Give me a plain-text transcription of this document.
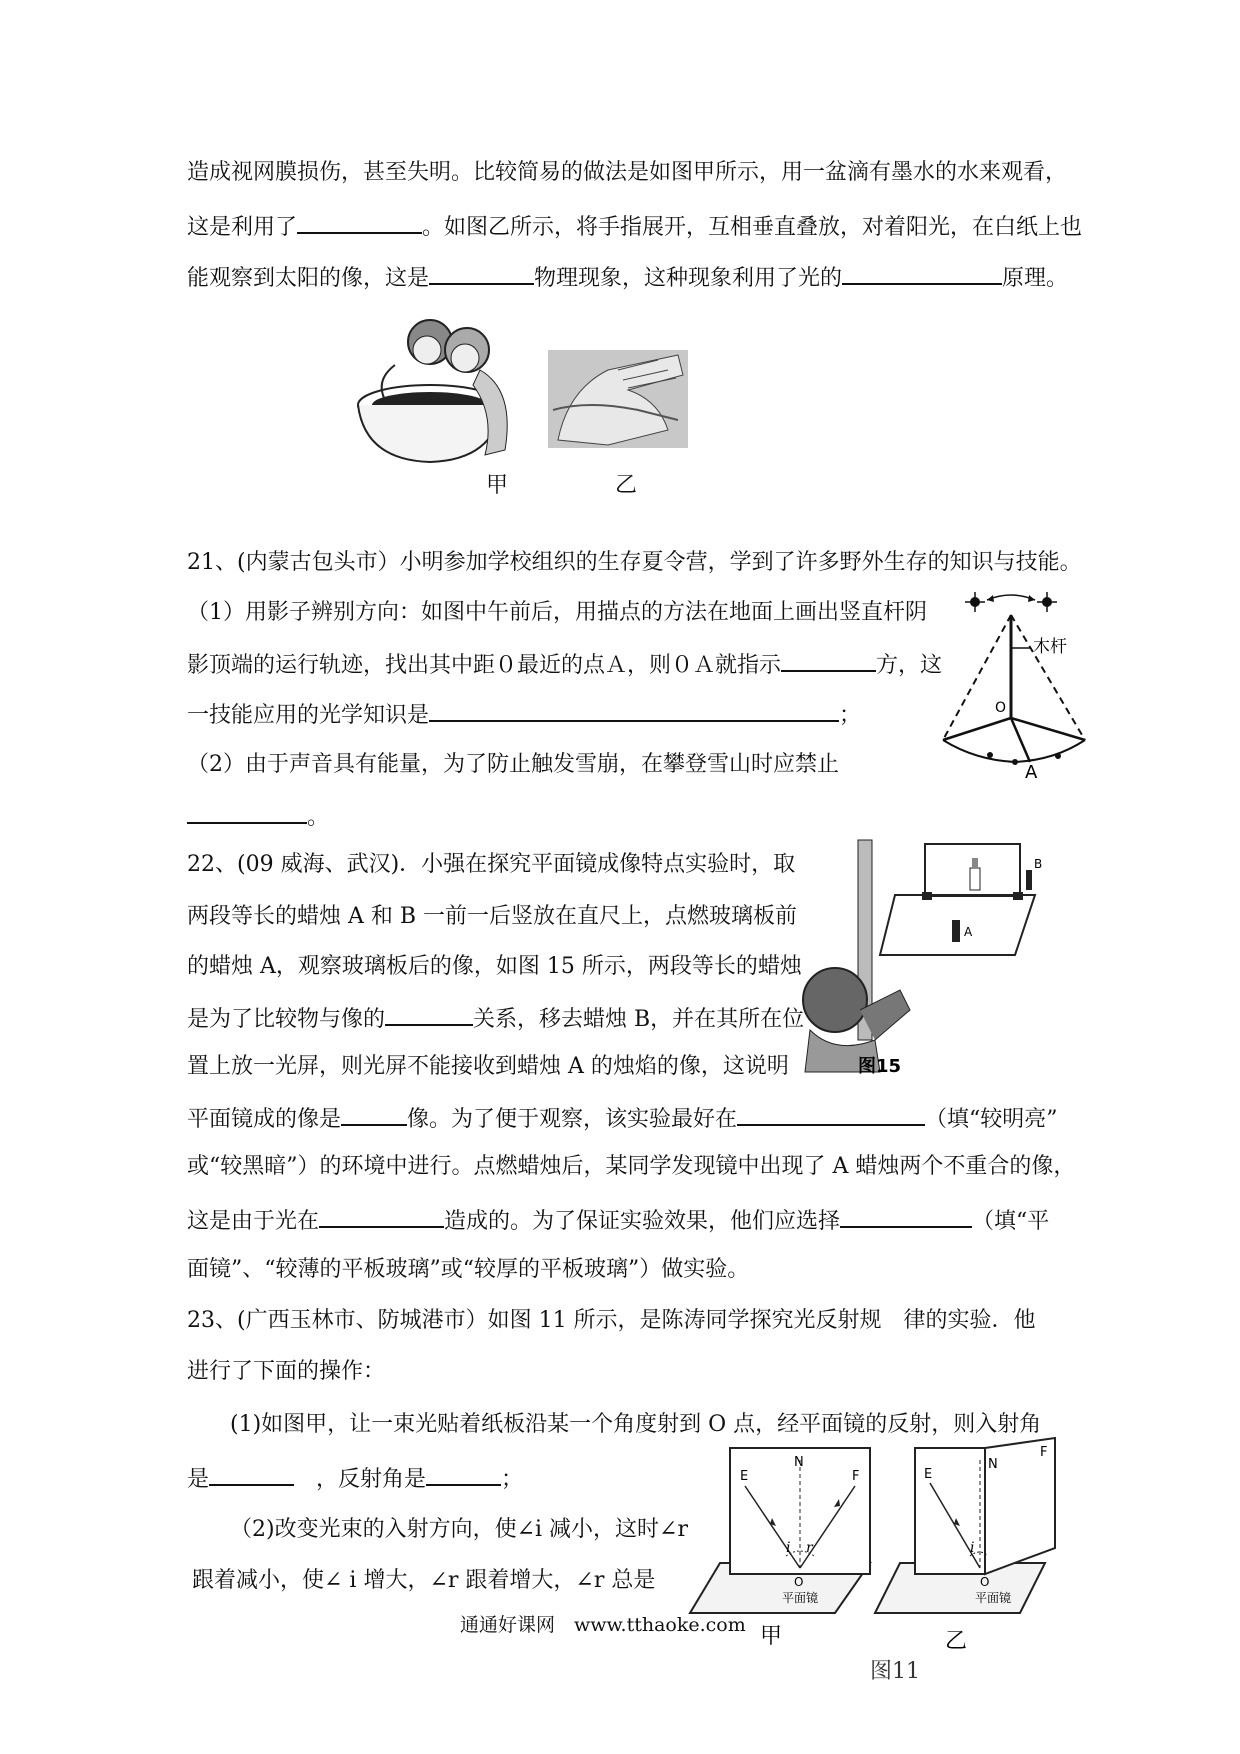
造成视网膜损伤，甚至失明。比较简易的做法是如图甲所示，用一盆滴有墨水的水来观看，
这是利用了	。如图乙所示，将手指展开，互相垂直叠放，对着阳光，在白纸上也
能观察到太阳的像，这是	物理现象，这种现象利用了光的	原理。
甲	乙
21、(内蒙古包头市）小明参加学校组织的生存夏令营，学到了许多野外生存的知识与技能。
（1）用影子辨别方向：如图中午前后，用描点的方法在地面上画出竖直杆阴
影顶端的运行轨迹，找出其中距０最近的点Ａ，则０Ａ就指示	方，这
一技能应用的光学知识是	；
（2）由于声音具有能量，为了防止触发雪崩，在攀登雪山时应禁止
。
木杆
O
A
22、(09 威海、武汉)．小强在探究平面镜成像特点实验时，取
两段等长的蜡烛 A 和 B 一前一后竖放在直尺上，点燃玻璃板前
的蜡烛 A，观察玻璃板后的像，如图 15 所示，两段等长的蜡烛
是为了比较物与像的	关系，移去蜡烛 B，并在其所在位
置上放一光屏，则光屏不能接收到蜡烛 A 的烛焰的像，这说明
平面镜成的像是	像。为了便于观察，该实验最好在	（填“较明亮”
或“较黑暗”）的环境中进行。点燃蜡烛后，某同学发现镜中出现了 A 蜡烛两个不重合的像，
这是由于光在	造成的。为了保证实验效果，他们应选择	（填“平
面镜”、“较薄的平板玻璃”或“较厚的平板玻璃”）做实验。
A
B
图15
23、(广西玉林市、防城港市）如图 11 所示，是陈涛同学探究光反射规　律的实验．他
进行了下面的操作：
(1)如图甲，让一束光贴着纸板沿某一个角度射到 O 点，经平面镜的反射，则入射角
是　	，反射角是	；
（2)改变光束的入射方向，使∠i 减小，这时∠r
跟着减小，使∠ i 增大，∠r 跟着增大，∠r 总是
E
N
F
i r
O
平面镜
甲
E
N
F
i
O
平面镜
乙
图11
通通好课网　www.tthaoke.com
